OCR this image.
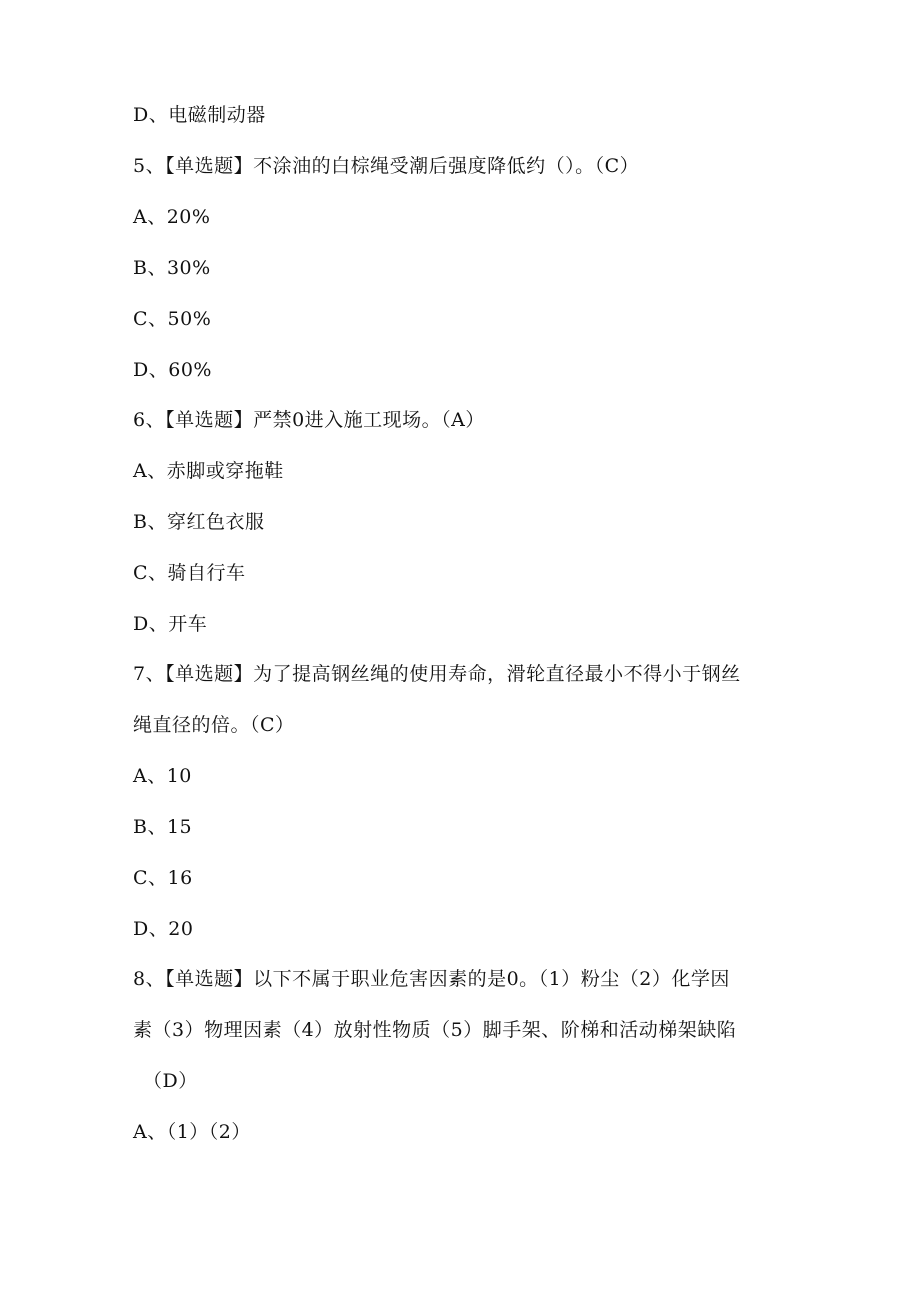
D、电磁制动器
5、【单选题】不涂油的白棕绳受潮后强度降低约（）。（C）
A、20%
B、30%
C、50%
D、60%
6、【单选题】严禁0进入施工现场。（A）
A、赤脚或穿拖鞋
B、穿红色衣服
C、骑自行车
D、开车
7、【单选题】为了提高钢丝绳的使用寿命，滑轮直径最小不得小于钢丝
绳直径的倍。（C）
A、10
B、15
C、16
D、20
8、【单选题】以下不属于职业危害因素的是0。（1）粉尘（2）化学因
素（3）物理因素（4）放射性物质（5）脚手架、阶梯和活动梯架缺陷
（D）
A、（1）（2）
